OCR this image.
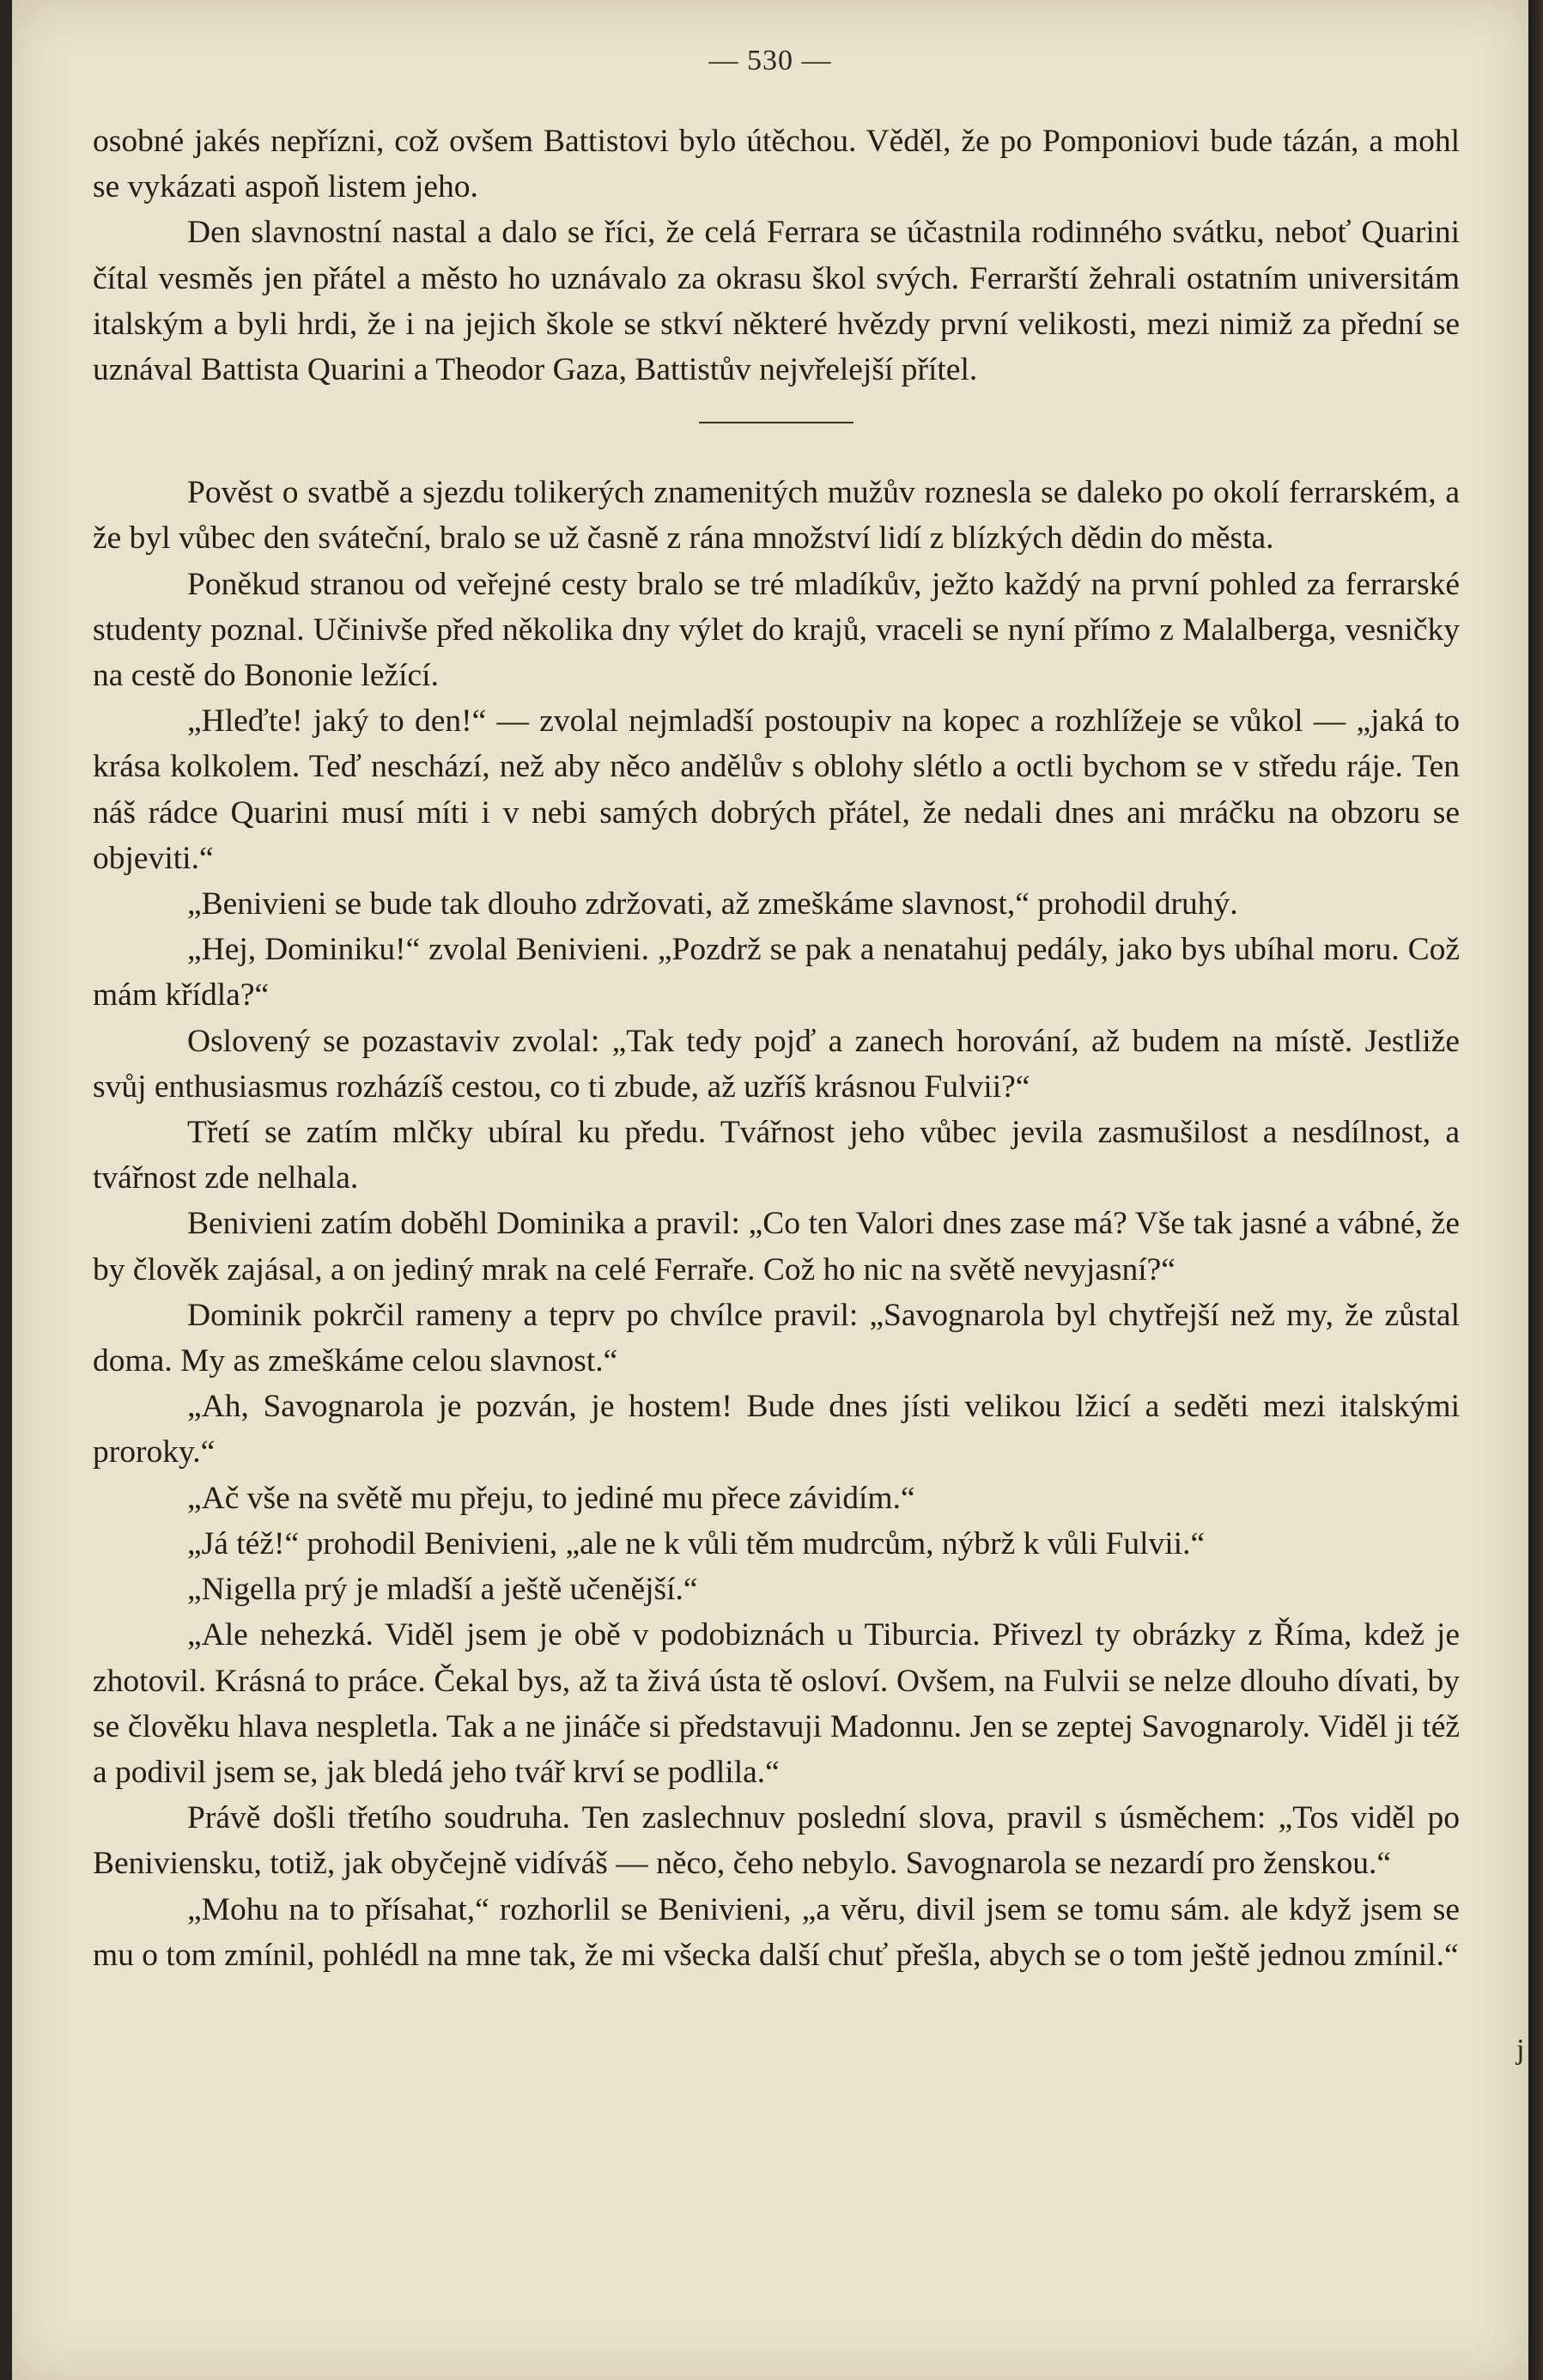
— 530 —

osobné jakés nepřízni, což ovšem Battistovi bylo útěchou. Věděl, že po Pomponiovi bude tázán, a mohl se vykázati aspoň listem jeho.

Den slavnostní nastal a dalo se říci, že celá Ferrara se účastnila rodinného svátku, neboť Quarini čítal vesměs jen přátel a město ho uznávalo za okrasu škol svých. Ferrarští žehrali ostatním universitám italským a byli hrdi, že i na jejich škole se stkví některé hvězdy první velikosti, mezi nimiž za přední se uznával Battista Quarini a Theodor Gaza, Battistův nejvřelejší přítel.

Pověst o svatbě a sjezdu tolikerých znamenitých mužův roznesla se daleko po okolí ferrarském, a že byl vůbec den sváteční, bralo se už časně z rána množství lidí z blízkých dědin do města.

Poněkud stranou od veřejné cesty bralo se tré mladíkův, ježto každý na první pohled za ferrarské studenty poznal. Učinivše před několika dny výlet do krajů, vraceli se nyní přímo z Malalberga, vesničky na cestě do Bononie ležící.

„Hleďte! jaký to den!“ — zvolal nejmladší postoupiv na kopec a rozhlížeje se vůkol — „jaká to krása kolkolem. Teď neschází, než aby něco andělův s oblohy slétlo a octli bychom se v středu ráje. Ten náš rádce Quarini musí míti i v nebi samých dobrých přátel, že nedali dnes ani mráčku na obzoru se objeviti.“

„Benivieni se bude tak dlouho zdržovati, až zmeškáme slavnost,“ prohodil druhý.

„Hej, Dominiku!“ zvolal Benivieni. „Pozdrž se pak a nenatahuj pedály, jako bys ubíhal moru. Což mám křídla?“

Oslovený se pozastaviv zvolal: „Tak tedy pojď a zanech horování, až budem na místě. Jestliže svůj enthusiasmus rozházíš cestou, co ti zbude, až uzříš krásnou Fulvii?“

Třetí se zatím mlčky ubíral ku předu. Tvářnost jeho vůbec jevila zasmušilost a nesdílnost, a tvářnost zde nelhala.

Benivieni zatím doběhl Dominika a pravil: „Co ten Valori dnes zase má? Vše tak jasné a vábné, že by člověk zajásal, a on jediný mrak na celé Ferraře. Což ho nic na světě nevyjasní?“

Dominik pokrčil rameny a teprv po chvílce pravil: „Savognarola byl chytřejší než my, že zůstal doma. My as zmeškáme celou slavnost.“

„Ah, Savognarola je pozván, je hostem! Bude dnes jísti velikou lžicí a seděti mezi italskými proroky.“

„Ač vše na světě mu přeju, to jediné mu přece závidím.“

„Já též!“ prohodil Benivieni, „ale ne k vůli těm mudrcům, nýbrž k vůli Fulvii.“

„Nigella prý je mladší a ještě učenější.“

„Ale nehezká. Viděl jsem je obě v podobiznách u Tiburcia. Přivezl ty obrázky z Říma, kdež je zhotovil. Krásná to práce. Čekal bys, až ta živá ústa tě osloví. Ovšem, na Fulvii se nelze dlouho dívati, by se člověku hlava nespletla. Tak a ne jináče si představuji Madonnu. Jen se zeptej Savognaroly. Viděl ji též a podivil jsem se, jak bledá jeho tvář krví se podlila.“

Právě došli třetího soudruha. Ten zaslechnuv poslední slova, pravil s úsměchem: „Tos viděl po Beniviensku, totiž, jak obyčejně vidíváš — něco, čeho nebylo. Savognarola se nezardí pro ženskou.“

„Mohu na to přísahat,“ rozhorlil se Benivieni, „a věru, divil jsem se tomu sám. ale když jsem se mu o tom zmínil, pohlédl na mne tak, že mi všecka další chuť přešla, abych se o tom ještě jednou zmínil.“

j
